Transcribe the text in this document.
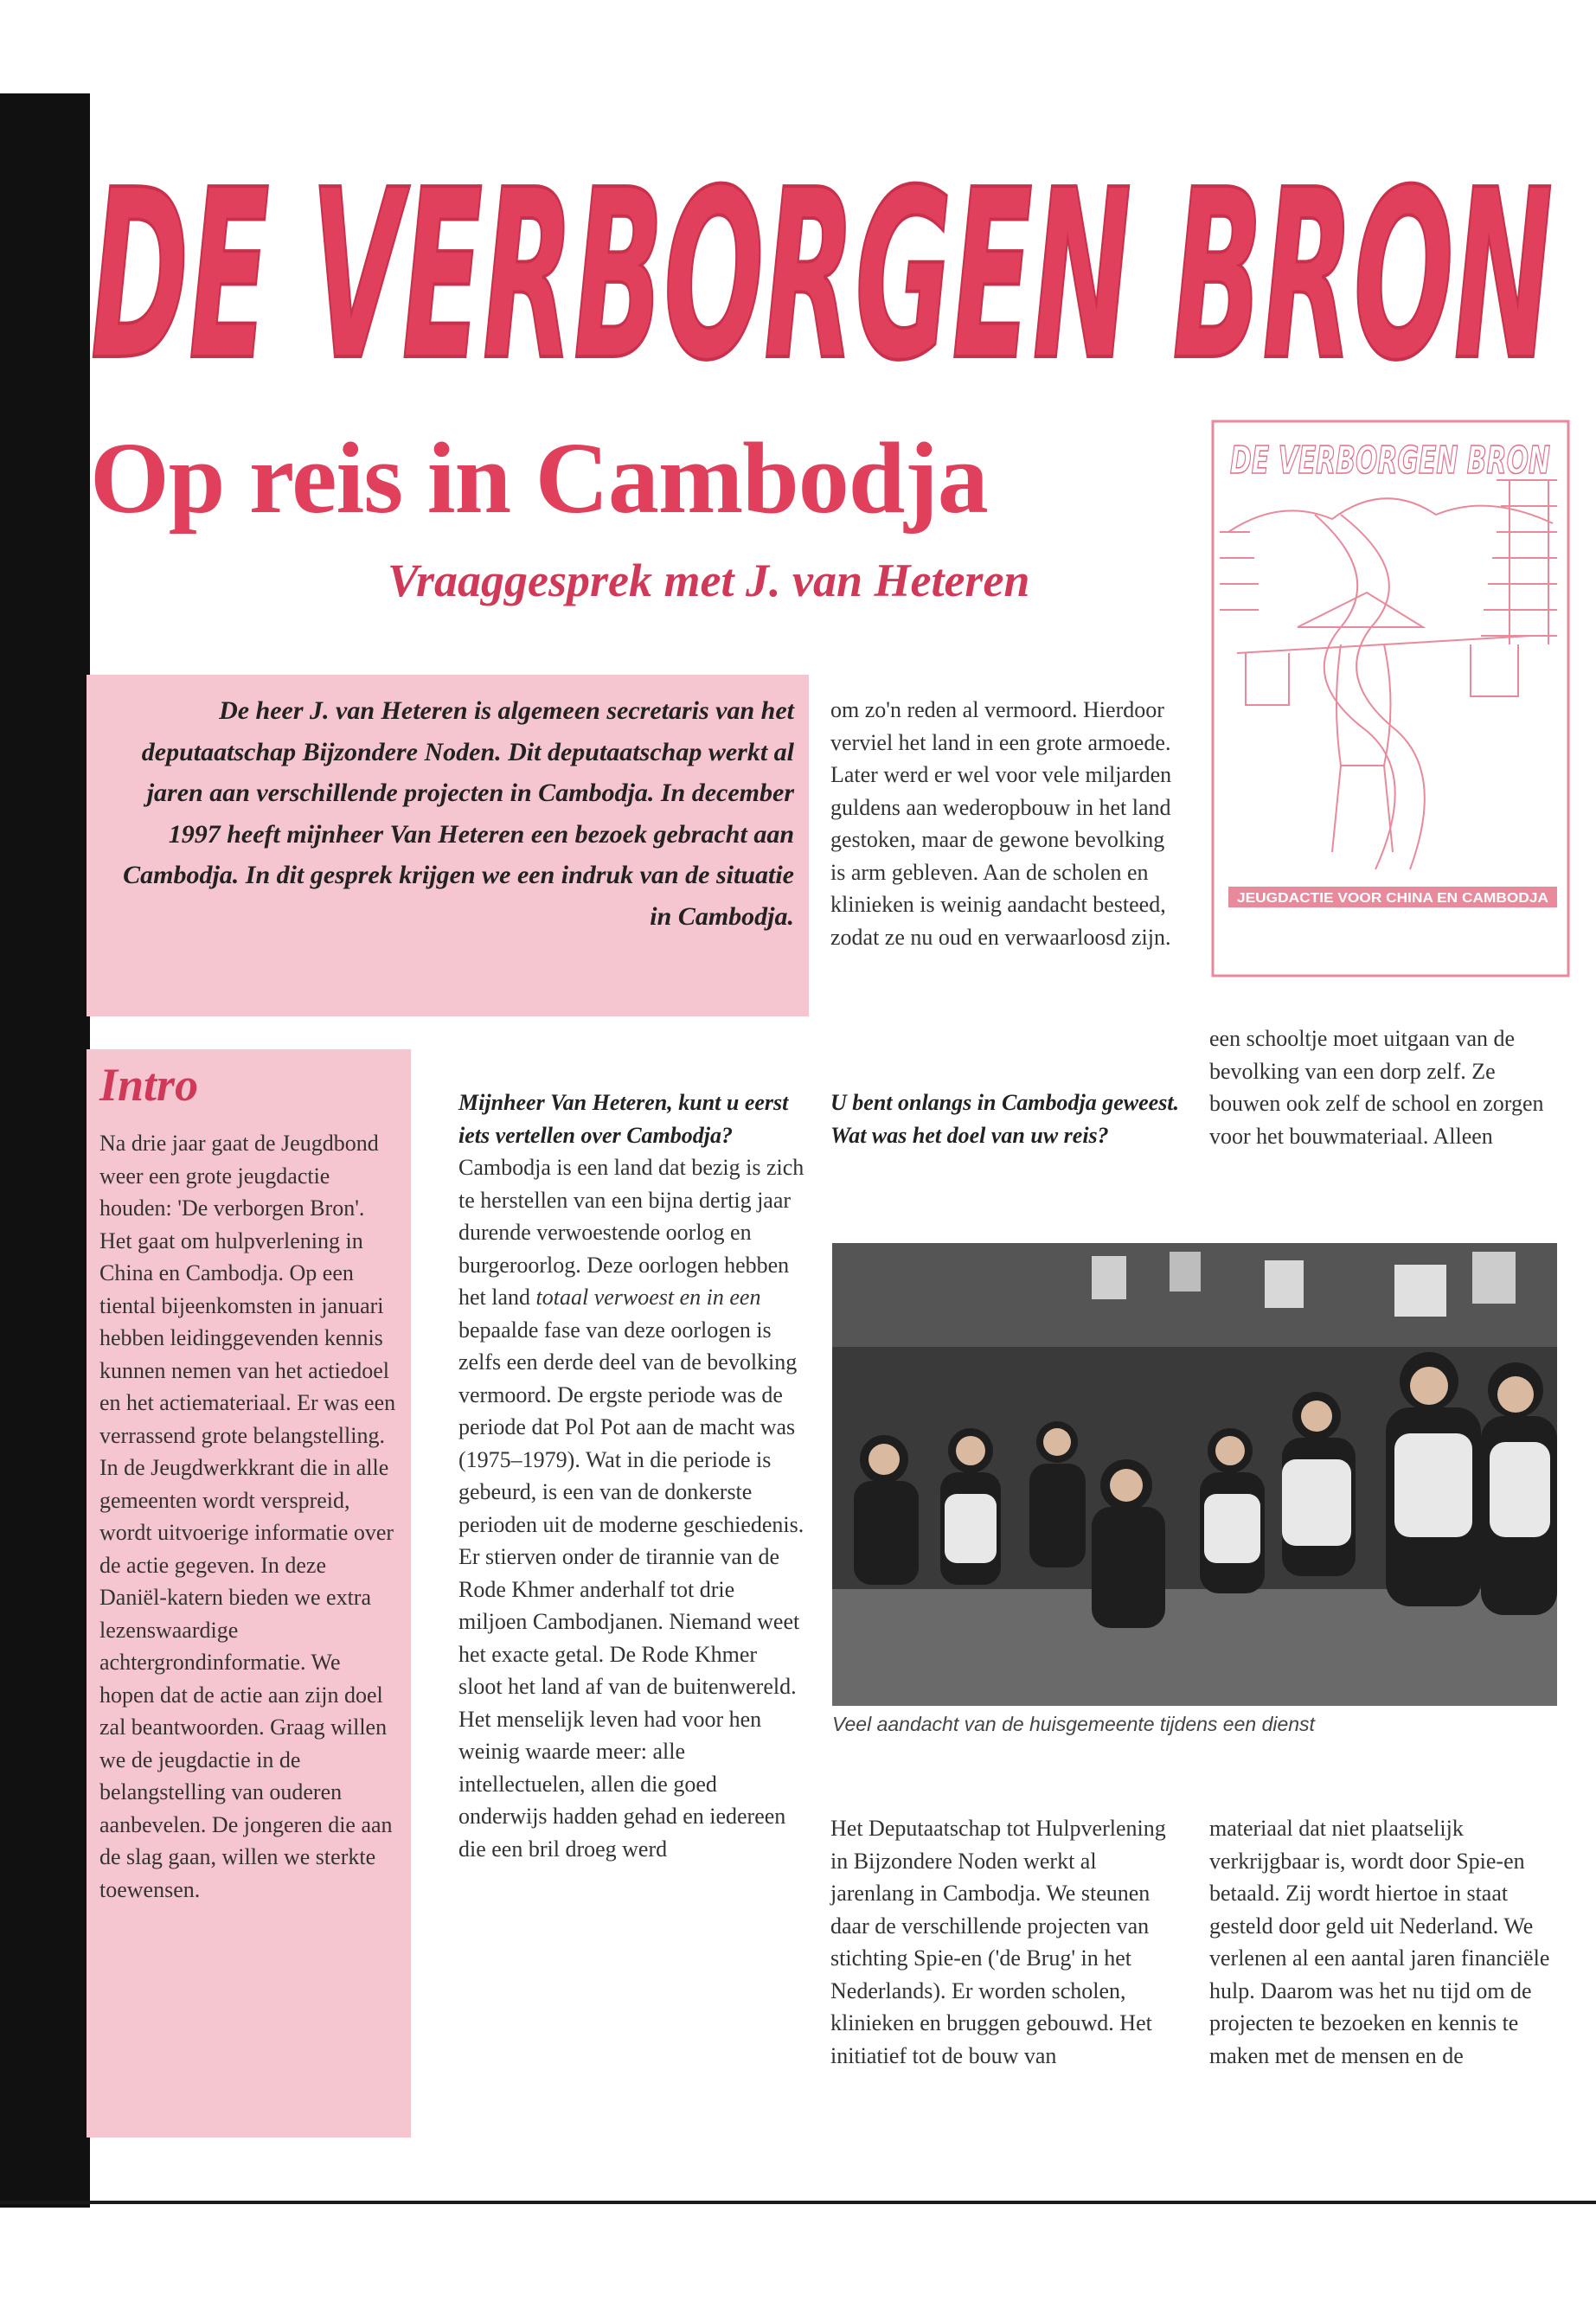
DE VERBORGEN BRON
Op reis in Cambodja
Vraaggesprek met J. van Heteren
DE VERBORGEN BRON
JEUGDACTIE VOOR CHINA EN CAMBODJA
De heer J. van Heteren is algemeen secretaris van het deputaatschap Bijzondere Noden. Dit deputaatschap werkt al jaren aan verschillende projecten in Cambodja. In december 1997 heeft mijnheer Van Heteren een bezoek gebracht aan Cambodja. In dit gesprek krijgen we een indruk van de situatie in Cambodja.
Intro
Na drie jaar gaat de Jeugdbond weer een grote jeugdactie houden: 'De verborgen Bron'. Het gaat om hulpverlening in China en Cambodja. Op een tiental bijeenkomsten in januari hebben leidinggevenden kennis kunnen nemen van het actiedoel en het actiemateriaal. Er was een verrassend grote belangstelling. In de Jeugdwerkkrant die in alle gemeenten wordt verspreid, wordt uitvoerige informatie over de actie gegeven. In deze Daniël-katern bieden we extra lezenswaardige achtergrondinformatie. We hopen dat de actie aan zijn doel zal beantwoorden. Graag willen we de jeugdactie in de belangstelling van ouderen aanbevelen. De jongeren die aan de slag gaan, willen we sterkte toewensen.
Mijnheer Van Heteren, kunt u eerst iets vertellen over Cambodja?
Cambodja is een land dat bezig is zich te herstellen van een bijna dertig jaar durende verwoestende oorlog en burgeroorlog. Deze oorlogen hebben het land totaal verwoest en in een bepaalde fase van deze oorlogen is zelfs een derde deel van de bevolking vermoord. De ergste periode was de periode dat Pol Pot aan de macht was (1975–1979). Wat in die periode is gebeurd, is een van de donkerste perioden uit de moderne geschiedenis. Er stierven onder de tirannie van de Rode Khmer anderhalf tot drie miljoen Cambodjanen. Niemand weet het exacte getal. De Rode Khmer sloot het land af van de buitenwereld. Het menselijk leven had voor hen weinig waarde meer: alle intellectuelen, allen die goed onderwijs hadden gehad en iedereen die een bril droeg werd
om zo'n reden al vermoord. Hierdoor verviel het land in een grote armoede. Later werd er wel voor vele miljarden guldens aan wederopbouw in het land gestoken, maar de gewone bevolking is arm gebleven. Aan de scholen en klinieken is weinig aandacht besteed, zodat ze nu oud en verwaarloosd zijn.
U bent onlangs in Cambodja geweest. Wat was het doel van uw reis?
een schooltje moet uitgaan van de bevolking van een dorp zelf. Ze bouwen ook zelf de school en zorgen voor het bouwmateriaal. Alleen
Veel aandacht van de huisgemeente tijdens een dienst
Het Deputaatschap tot Hulpverlening in Bijzondere Noden werkt al jarenlang in Cambodja. We steunen daar de verschillende projecten van stichting Spie-en ('de Brug' in het Nederlands). Er worden scholen, klinieken en bruggen gebouwd. Het initiatief tot de bouw van
materiaal dat niet plaatselijk verkrijgbaar is, wordt door Spie-en betaald. Zij wordt hiertoe in staat gesteld door geld uit Nederland. We verlenen al een aantal jaren financiële hulp. Daarom was het nu tijd om de projecten te bezoeken en kennis te maken met de mensen en de
